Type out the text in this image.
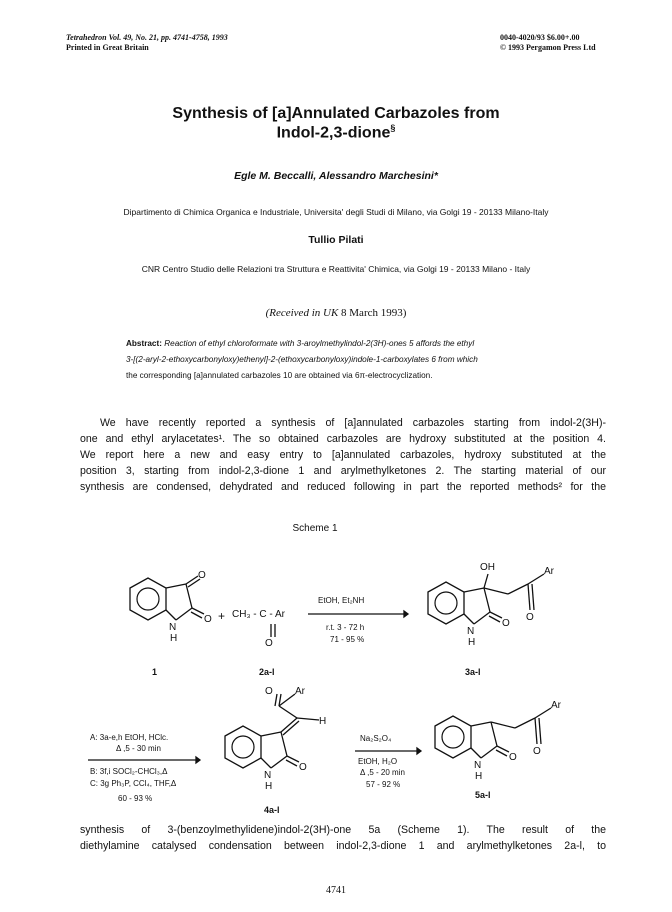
Tetrahedron Vol. 49, No. 21, pp. 4741-4758, 1993
Printed in Great Britain
0040-4020/93 $6.00+.00
© 1993 Pergamon Press Ltd
Synthesis of [a]Annulated Carbazoles from
Indol-2,3-dione§
Egle M. Beccalli, Alessandro Marchesini*
Dipartimento di Chimica Organica e Industriale, Universita' degli Studi di Milano, via Golgi 19 - 20133 Milano-Italy
Tullio Pilati
CNR Centro Studio delle Relazioni tra Struttura e Reattivita' Chimica, via Golgi 19 - 20133 Milano - Italy
(Received in UK 8 March 1993)
Abstract: Reaction of ethyl chloroformate with 3-aroylmethylindol-2(3H)-ones 5 affords the ethyl
3-[(2-aryl-2-ethoxycarbonyloxy)ethenyl]-2-(ethoxycarbonyloxy)indole-1-carboxylates 6 from which
the corresponding [a]annulated carbazoles 10 are obtained via 6π-electrocyclization.
We have recently reported a synthesis of [a]annulated carbazoles starting from indol-2(3H)-
one and ethyl arylacetates¹. The so obtained carbazoles are hydroxy substituted at the position 4.
We report here a new and easy entry to [a]annulated carbazoles, hydroxy substituted at the
position 3, starting from indol-2,3-dione 1 and arylmethylketones 2. The starting material of our
synthesis are condensed, dehydrated and reduced following in part the reported methods² for the
Scheme 1
O
O
N
H
1
+ CH₃ - C - Ar
O
2a-l
EtOH, Et₂NH
r.t. 3 - 72 h
71 - 95 %
OH
O
O
Ar
N
H
3a-l
A: 3a-e,h EtOH, HClc.
Δ ,5 - 30 min
B: 3f,i SOCl₂-CHCl₃,Δ
C: 3g Ph₃P, CCl₄, THF,Δ
60 - 93 %
O Ar
H
O
N
H
4a-l
Na₂S₂O₄
EtOH, H₂O
Δ ,5 - 20 min
57 - 92 %
O
O
Ar
N
H
5a-l
synthesis of 3-(benzoylmethylidene)indol-2(3H)-one 5a (Scheme 1). The result of the
diethylamine catalysed condensation between indol-2,3-dione 1 and arylmethylketones 2a-l, to
4741
